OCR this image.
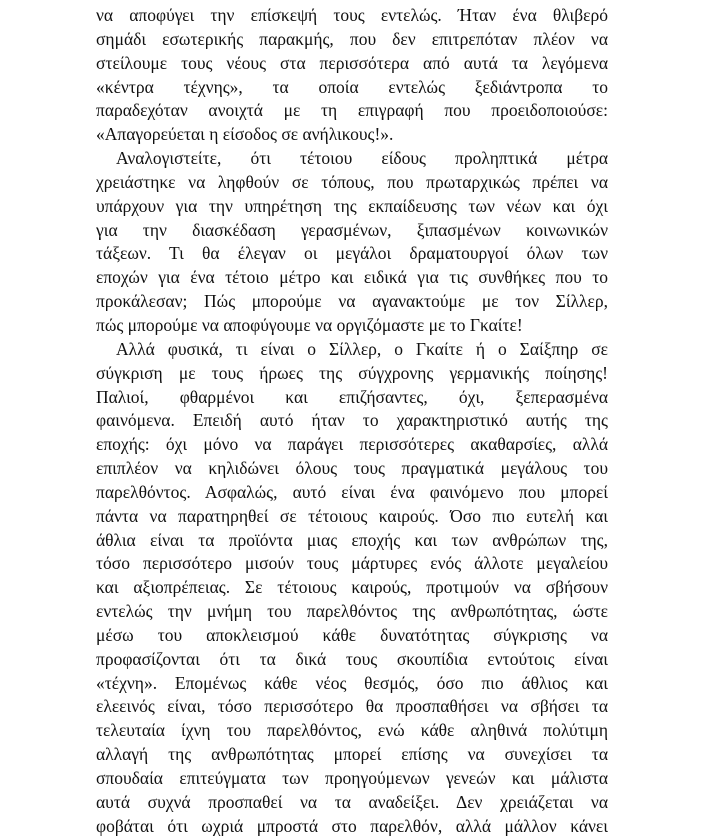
να αποφύγει την επίσκεψή τους εντελώς. Ήταν ένα θλιβερό
σημάδι εσωτερικής παρακμής, που δεν επιτρεπόταν πλέον να
στείλουμε τους νέους στα περισσότερα από αυτά τα λεγόμενα
«κέντρα τέχνης», τα οποία εντελώς ξεδιάντροπα το
παραδεχόταν ανοιχτά με τη επιγραφή που προειδοποιούσε:
«Απαγορεύεται η είσοδος σε ανήλικους!».
Αναλογιστείτε, ότι τέτοιου είδους προληπτικά μέτρα
χρειάστηκε να ληφθούν σε τόπους, που πρωταρχικώς πρέπει να
υπάρχουν για την υπηρέτηση της εκπαίδευσης των νέων και όχι
για την διασκέδαση γερασμένων, ξιπασμένων κοινωνικών
τάξεων. Τι θα έλεγαν οι μεγάλοι δραματουργοί όλων των
εποχών για ένα τέτοιο μέτρο και ειδικά για τις συνθήκες που το
προκάλεσαν; Πώς μπορούμε να αγανακτούμε με τον Σίλλερ,
πώς μπορούμε να αποφύγουμε να οργιζόμαστε με το Γκαίτε!
Αλλά φυσικά, τι είναι ο Σίλλερ, ο Γκαίτε ή ο Σαίξπηρ σε
σύγκριση με τους ήρωες της σύγχρονης γερμανικής ποίησης!
Παλιοί, φθαρμένοι και επιζήσαντες, όχι, ξεπερασμένα
φαινόμενα. Επειδή αυτό ήταν το χαρακτηριστικό αυτής της
εποχής: όχι μόνο να παράγει περισσότερες ακαθαρσίες, αλλά
επιπλέον να κηλιδώνει όλους τους πραγματικά μεγάλους του
παρελθόντος. Ασφαλώς, αυτό είναι ένα φαινόμενο που μπορεί
πάντα να παρατηρηθεί σε τέτοιους καιρούς. Όσο πιο ευτελή και
άθλια είναι τα προϊόντα μιας εποχής και των ανθρώπων της,
τόσο περισσότερο μισούν τους μάρτυρες ενός άλλοτε μεγαλείου
και αξιοπρέπειας. Σε τέτοιους καιρούς, προτιμούν να σβήσουν
εντελώς την μνήμη του παρελθόντος της ανθρωπότητας, ώστε
μέσω του αποκλεισμού κάθε δυνατότητας σύγκρισης να
προφασίζονται ότι τα δικά τους σκουπίδια εντούτοις είναι
«τέχνη». Επομένως κάθε νέος θεσμός, όσο πιο άθλιος και
ελεεινός είναι, τόσο περισσότερο θα προσπαθήσει να σβήσει τα
τελευταία ίχνη του παρελθόντος, ενώ κάθε αληθινά πολύτιμη
αλλαγή της ανθρωπότητας μπορεί επίσης να συνεχίσει τα
σπουδαία επιτεύγματα των προηγούμενων γενεών και μάλιστα
αυτά συχνά προσπαθεί να τα αναδείξει. Δεν χρειάζεται να
φοβάται ότι ωχριά μπροστά στο παρελθόν, αλλά μάλλον κάνει
